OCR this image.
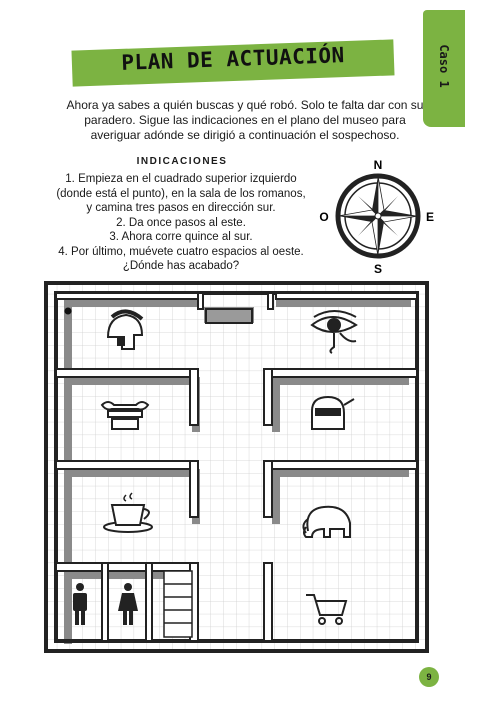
Caso 1
PLAN DE ACTUACIÓN
Ahora ya sabes a quién buscas y qué robó. Solo te falta dar con su paradero. Sigue las indicaciones en el plano del museo para averiguar adónde se dirigió a continuación el sospechoso.
INDICACIONES
1. Empieza en el cuadrado superior izquierdo (donde está el punto), en la sala de los romanos,
y camina tres pasos en dirección sur.
2. Da once pasos al este.
3. Ahora corre quince al sur.
4. Por último, muévete cuatro espacios al oeste.
¿Dónde has acabado?
N
S
O	E
9
